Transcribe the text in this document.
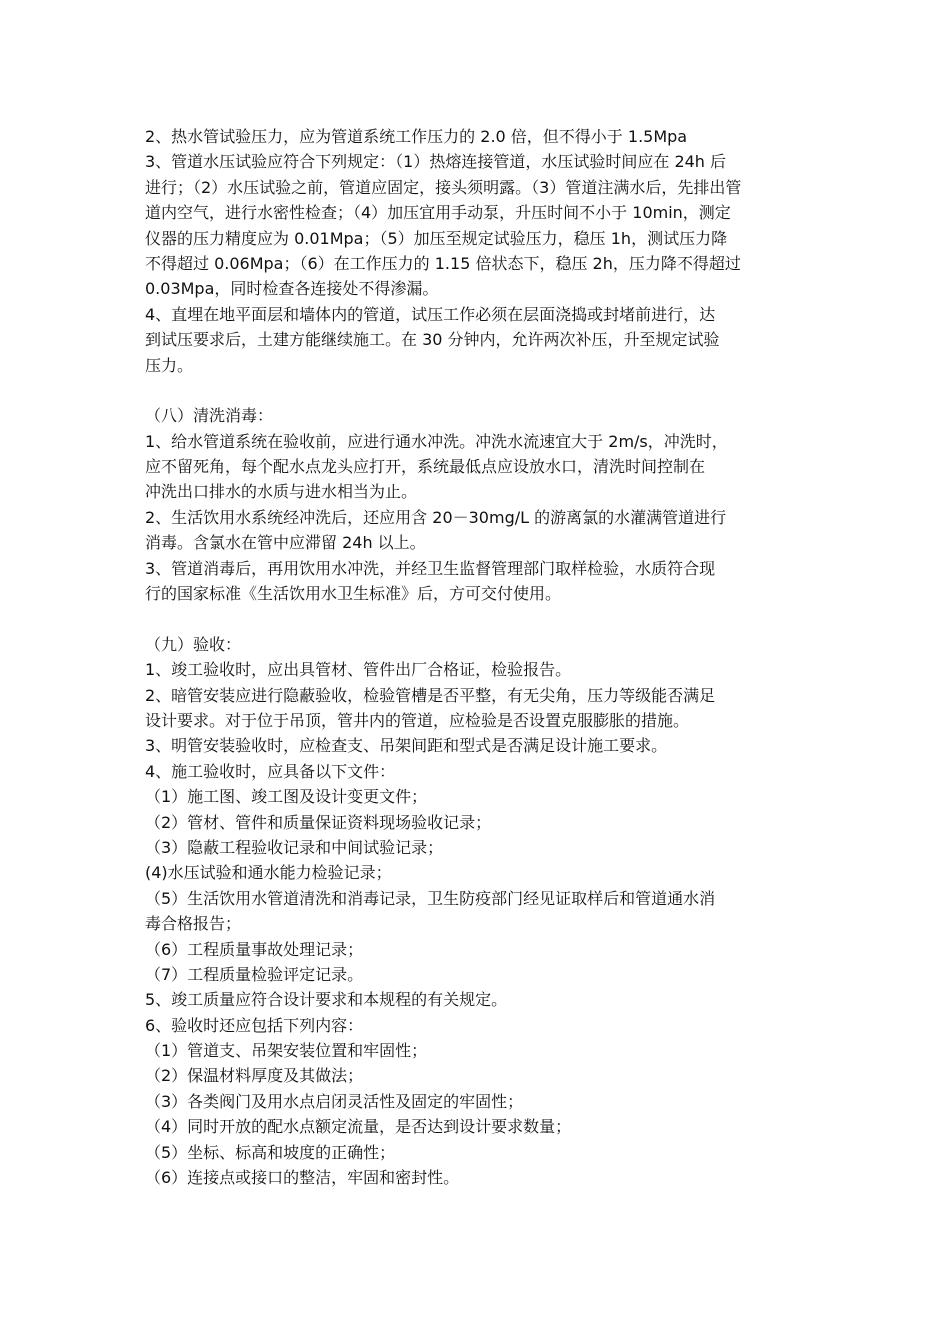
2、热水管试验压力，应为管道系统工作压力的 2.0 倍，但不得小于 1.5Mpa
3、管道水压试验应符合下列规定：（1）热熔连接管道，水压试验时间应在 24h 后
进行；（2）水压试验之前，管道应固定，接头须明露。（3）管道注满水后，先排出管
道内空气，进行水密性检查；（4）加压宜用手动泵，升压时间不小于 10min，测定
仪器的压力精度应为 0.01Mpa；（5）加压至规定试验压力，稳压 1h，测试压力降
不得超过 0.06Mpa；（6）在工作压力的 1.15 倍状态下，稳压 2h，压力降不得超过
0.03Mpa，同时检查各连接处不得渗漏。
4、直埋在地平面层和墙体内的管道，试压工作必须在层面浇捣或封堵前进行，达
到试压要求后，土建方能继续施工。在 30 分钟内，允许两次补压，升至规定试验
压力。
（八）清洗消毒：
1、给水管道系统在验收前，应进行通水冲洗。冲洗水流速宜大于 2m/s，冲洗时，
应不留死角，每个配水点龙头应打开，系统最低点应设放水口，清洗时间控制在
冲洗出口排水的水质与进水相当为止。
2、生活饮用水系统经冲洗后，还应用含 20－30mg/L 的游离氯的水灌满管道进行
消毒。含氯水在管中应滞留 24h 以上。
3、管道消毒后，再用饮用水冲洗，并经卫生监督管理部门取样检验，水质符合现
行的国家标准《生活饮用水卫生标准》后，方可交付使用。
（九）验收：
1、竣工验收时，应出具管材、管件出厂合格证，检验报告。
2、暗管安装应进行隐蔽验收，检验管槽是否平整，有无尖角，压力等级能否满足
设计要求。对于位于吊顶，管井内的管道，应检验是否设置克服膨胀的措施。
3、明管安装验收时，应检查支、吊架间距和型式是否满足设计施工要求。
4、施工验收时，应具备以下文件：
（1）施工图、竣工图及设计变更文件；
（2）管材、管件和质量保证资料现场验收记录；
（3）隐蔽工程验收记录和中间试验记录；
(4)水压试验和通水能力检验记录；
（5）生活饮用水管道清洗和消毒记录，卫生防疫部门经见证取样后和管道通水消
毒合格报告；
（6）工程质量事故处理记录；
（7）工程质量检验评定记录。
5、竣工质量应符合设计要求和本规程的有关规定。
6、验收时还应包括下列内容：
（1）管道支、吊架安装位置和牢固性；
（2）保温材料厚度及其做法；
（3）各类阀门及用水点启闭灵活性及固定的牢固性；
（4）同时开放的配水点额定流量，是否达到设计要求数量；
（5）坐标、标高和坡度的正确性；
（6）连接点或接口的整洁，牢固和密封性。
